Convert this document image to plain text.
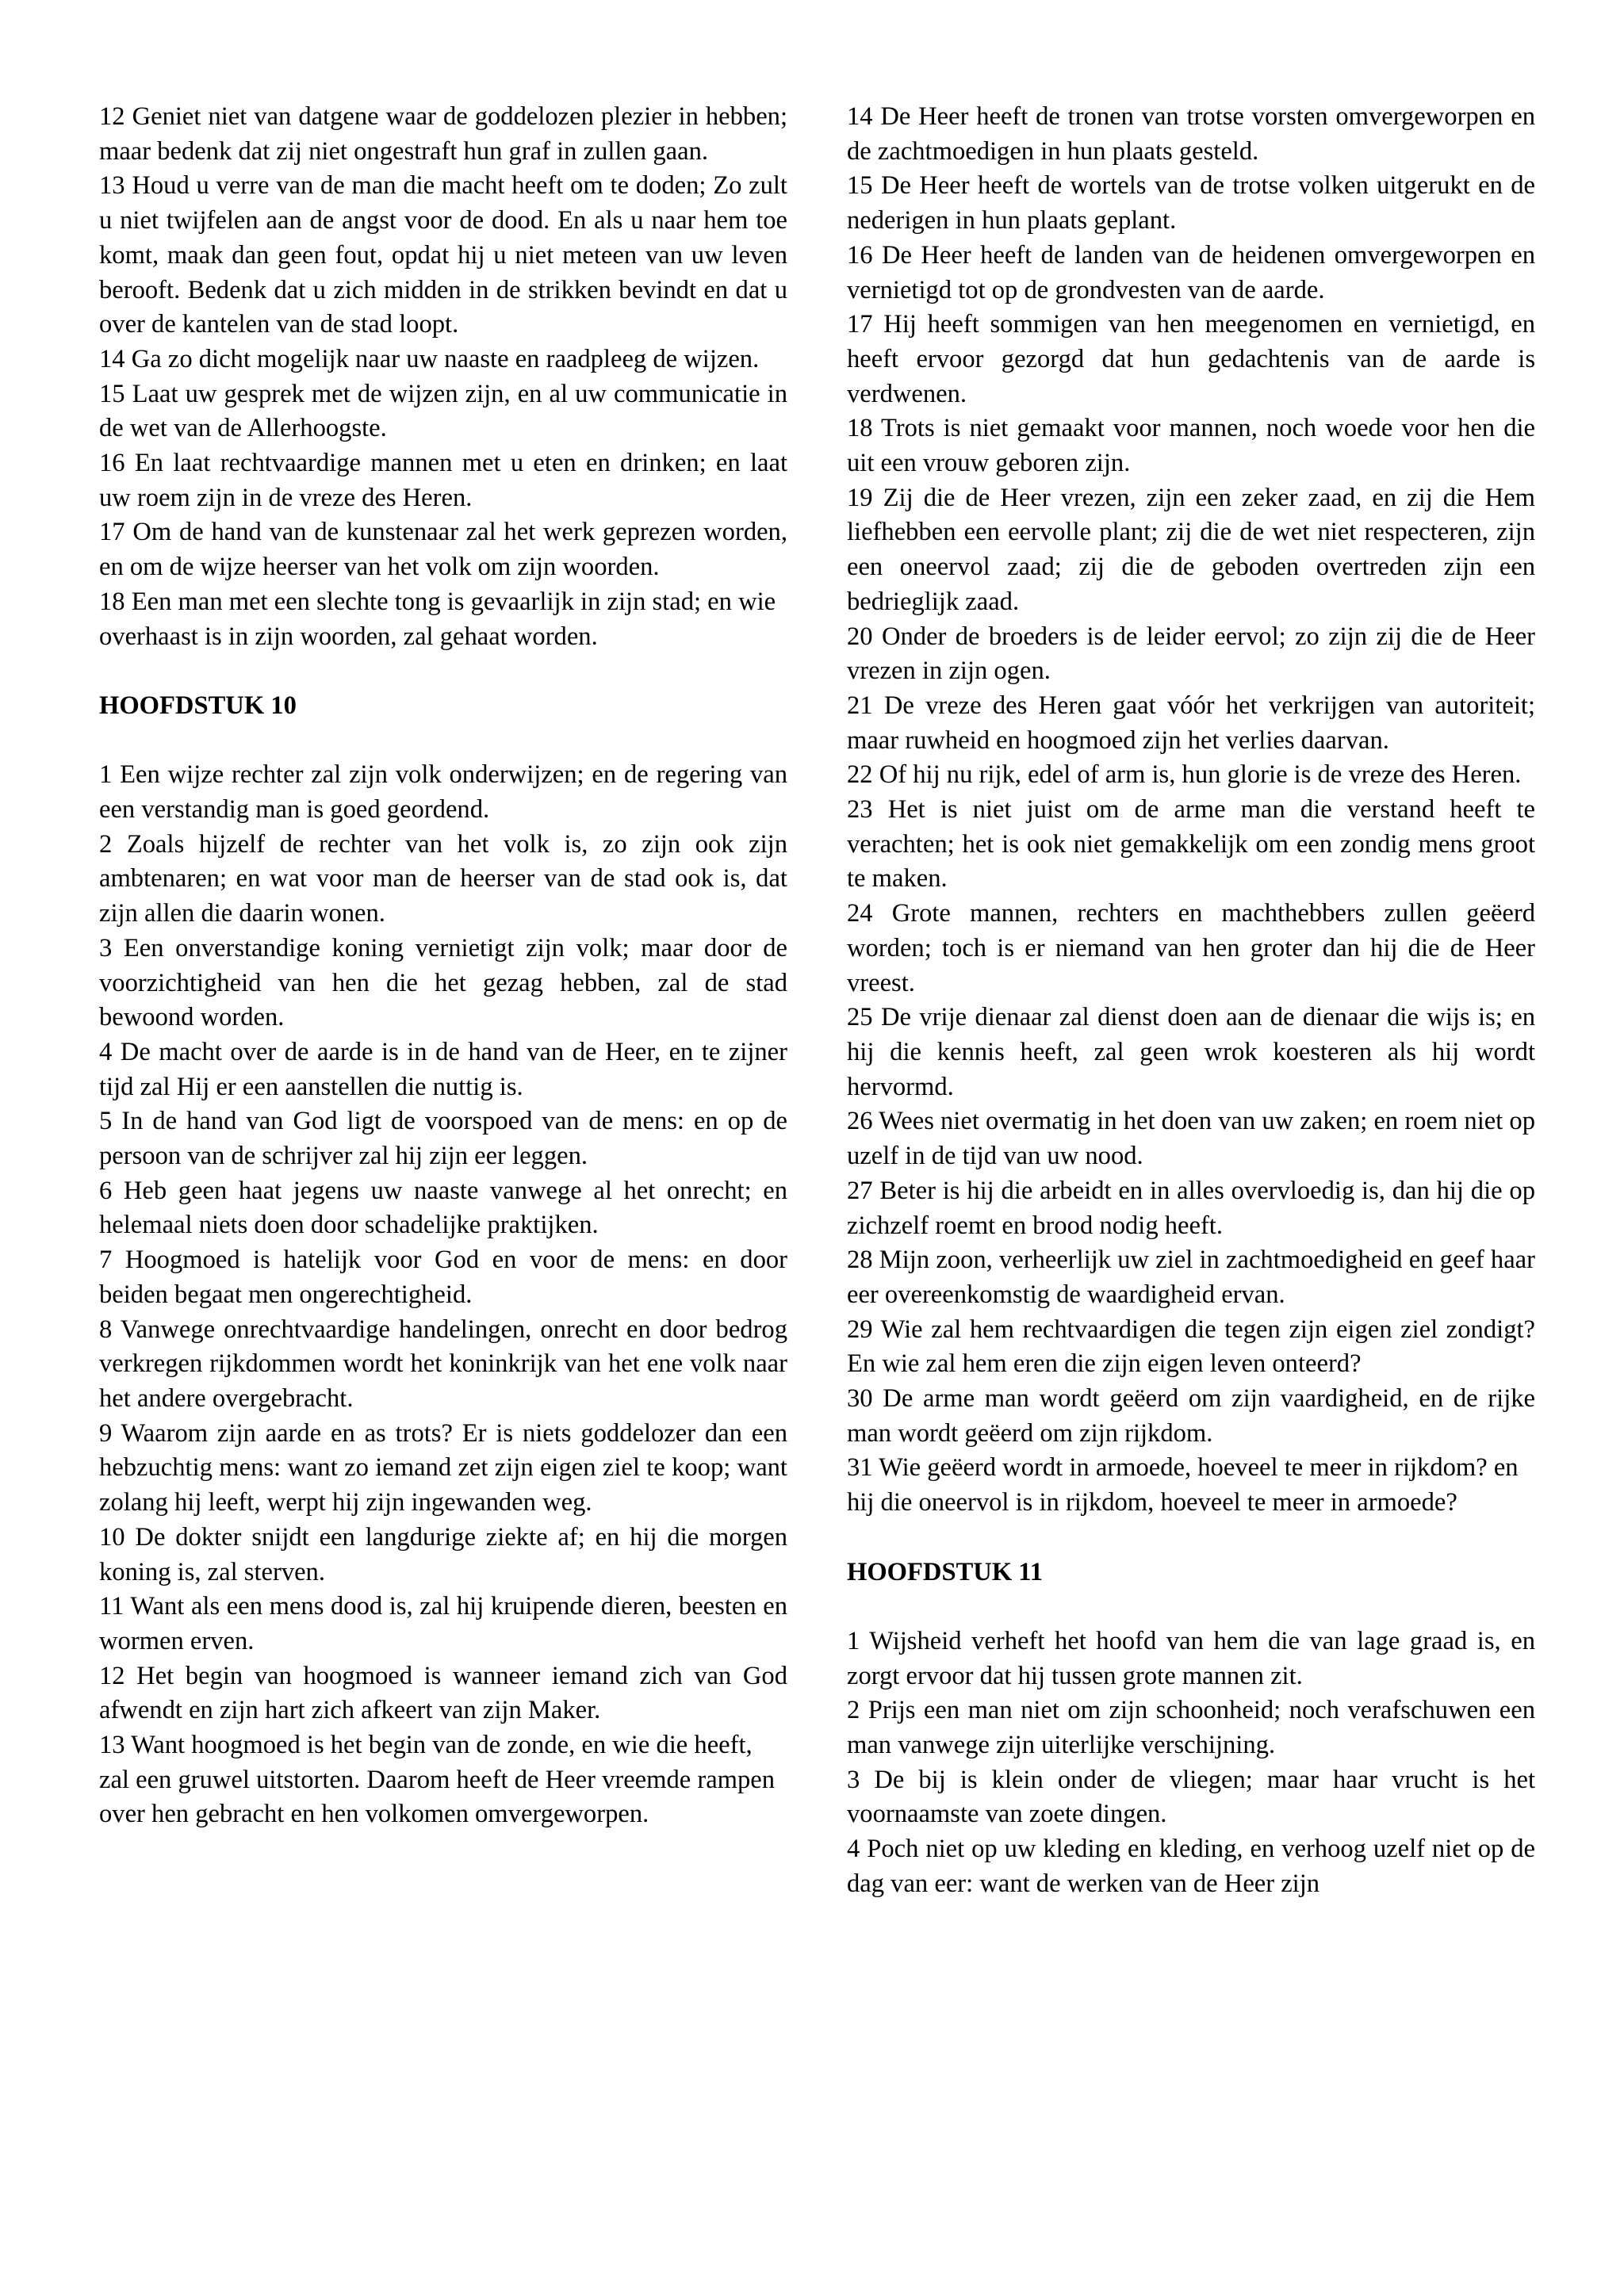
12 Geniet niet van datgene waar de goddelozen plezier in hebben; maar bedenk dat zij niet ongestraft hun graf in zullen gaan.

13 Houd u verre van de man die macht heeft om te doden; Zo zult u niet twijfelen aan de angst voor de dood. En als u naar hem toe komt, maak dan geen fout, opdat hij u niet meteen van uw leven berooft. Bedenk dat u zich midden in de strikken bevindt en dat u over de kantelen van de stad loopt.

14 Ga zo dicht mogelijk naar uw naaste en raadpleeg de wijzen.

15 Laat uw gesprek met de wijzen zijn, en al uw communicatie in de wet van de Allerhoogste.

16 En laat rechtvaardige mannen met u eten en drinken; en laat uw roem zijn in de vreze des Heren.

17 Om de hand van de kunstenaar zal het werk geprezen worden, en om de wijze heerser van het volk om zijn woorden.

18 Een man met een slechte tong is gevaarlijk in zijn stad; en wie overhaast is in zijn woorden, zal gehaat worden.

HOOFDSTUK 10

1 Een wijze rechter zal zijn volk onderwijzen; en de regering van een verstandig man is goed geordend.

2 Zoals hijzelf de rechter van het volk is, zo zijn ook zijn ambtenaren; en wat voor man de heerser van de stad ook is, dat zijn allen die daarin wonen.

3 Een onverstandige koning vernietigt zijn volk; maar door de voorzichtigheid van hen die het gezag hebben, zal de stad bewoond worden.

4 De macht over de aarde is in de hand van de Heer, en te zijner tijd zal Hij er een aanstellen die nuttig is.

5 In de hand van God ligt de voorspoed van de mens: en op de persoon van de schrijver zal hij zijn eer leggen.

6 Heb geen haat jegens uw naaste vanwege al het onrecht; en helemaal niets doen door schadelijke praktijken.

7 Hoogmoed is hatelijk voor God en voor de mens: en door beiden begaat men ongerechtigheid.

8 Vanwege onrechtvaardige handelingen, onrecht en door bedrog verkregen rijkdommen wordt het koninkrijk van het ene volk naar het andere overgebracht.

9 Waarom zijn aarde en as trots? Er is niets goddelozer dan een hebzuchtig mens: want zo iemand zet zijn eigen ziel te koop; want zolang hij leeft, werpt hij zijn ingewanden weg.

10 De dokter snijdt een langdurige ziekte af; en hij die morgen koning is, zal sterven.

11 Want als een mens dood is, zal hij kruipende dieren, beesten en wormen erven.

12 Het begin van hoogmoed is wanneer iemand zich van God afwendt en zijn hart zich afkeert van zijn Maker.

13 Want hoogmoed is het begin van de zonde, en wie die heeft, zal een gruwel uitstorten. Daarom heeft de Heer vreemde rampen over hen gebracht en hen volkomen omvergeworpen.

14 De Heer heeft de tronen van trotse vorsten omvergeworpen en de zachtmoedigen in hun plaats gesteld.

15 De Heer heeft de wortels van de trotse volken uitgerukt en de nederigen in hun plaats geplant.

16 De Heer heeft de landen van de heidenen omvergeworpen en vernietigd tot op de grondvesten van de aarde.

17 Hij heeft sommigen van hen meegenomen en vernietigd, en heeft ervoor gezorgd dat hun gedachtenis van de aarde is verdwenen.

18 Trots is niet gemaakt voor mannen, noch woede voor hen die uit een vrouw geboren zijn.

19 Zij die de Heer vrezen, zijn een zeker zaad, en zij die Hem liefhebben een eervolle plant; zij die de wet niet respecteren, zijn een oneervol zaad; zij die de geboden overtreden zijn een bedrieglijk zaad.

20 Onder de broeders is de leider eervol; zo zijn zij die de Heer vrezen in zijn ogen.

21 De vreze des Heren gaat vóór het verkrijgen van autoriteit; maar ruwheid en hoogmoed zijn het verlies daarvan.

22 Of hij nu rijk, edel of arm is, hun glorie is de vreze des Heren.

23 Het is niet juist om de arme man die verstand heeft te verachten; het is ook niet gemakkelijk om een zondig mens groot te maken.

24 Grote mannen, rechters en machthebbers zullen geëerd worden; toch is er niemand van hen groter dan hij die de Heer vreest.

25 De vrije dienaar zal dienst doen aan de dienaar die wijs is; en hij die kennis heeft, zal geen wrok koesteren als hij wordt hervormd.

26 Wees niet overmatig in het doen van uw zaken; en roem niet op uzelf in de tijd van uw nood.

27 Beter is hij die arbeidt en in alles overvloedig is, dan hij die op zichzelf roemt en brood nodig heeft.

28 Mijn zoon, verheerlijk uw ziel in zachtmoedigheid en geef haar eer overeenkomstig de waardigheid ervan.

29 Wie zal hem rechtvaardigen die tegen zijn eigen ziel zondigt? En wie zal hem eren die zijn eigen leven onteerd?

30 De arme man wordt geëerd om zijn vaardigheid, en de rijke man wordt geëerd om zijn rijkdom.

31 Wie geëerd wordt in armoede, hoeveel te meer in rijkdom? en hij die oneervol is in rijkdom, hoeveel te meer in armoede?

HOOFDSTUK 11

1 Wijsheid verheft het hoofd van hem die van lage graad is, en zorgt ervoor dat hij tussen grote mannen zit.

2 Prijs een man niet om zijn schoonheid; noch verafschuwen een man vanwege zijn uiterlijke verschijning.

3 De bij is klein onder de vliegen; maar haar vrucht is het voornaamste van zoete dingen.

4 Poch niet op uw kleding en kleding, en verhoog uzelf niet op de dag van eer: want de werken van de Heer zijn
